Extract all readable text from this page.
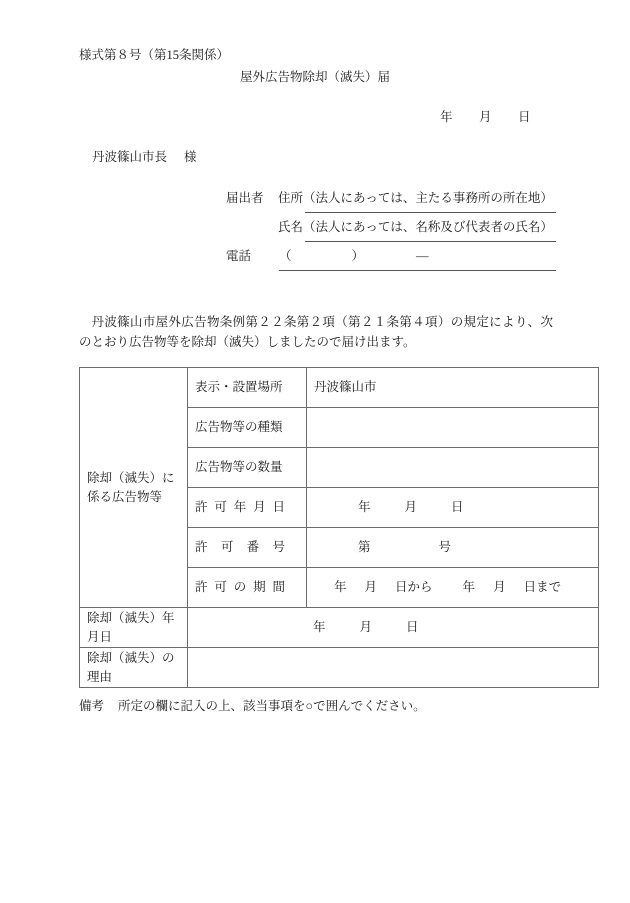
様式第８号（第15条関係）
屋外広告物除却（滅失）届
年 月 日
丹波篠山市長 様
届出者 住所（法人にあっては、主たる事務所の所在地）
氏名（法人にあっては、名称及び代表者の氏名）
電話 （	）	―
丹波篠山市屋外広告物条例第２２条第２項（第２１条第４項）の規定により、次のとおり広告物等を除却（滅失）しましたので届け出ます。
除却（滅失）に係る広告物等	表示・設置場所	丹波篠山市
	広告物等の種類	
	広告物等の数量	

	許 可 年 月 日	年 月 日

	許 可 番 号	第 号

	許 可 の 期 間	年 月 日から 年 月 日まで

除却（滅失）年月日	年 月 日	

除却（滅失）の理由		
備考 所定の欄に記入の上、該当事項を○で囲んでください。
